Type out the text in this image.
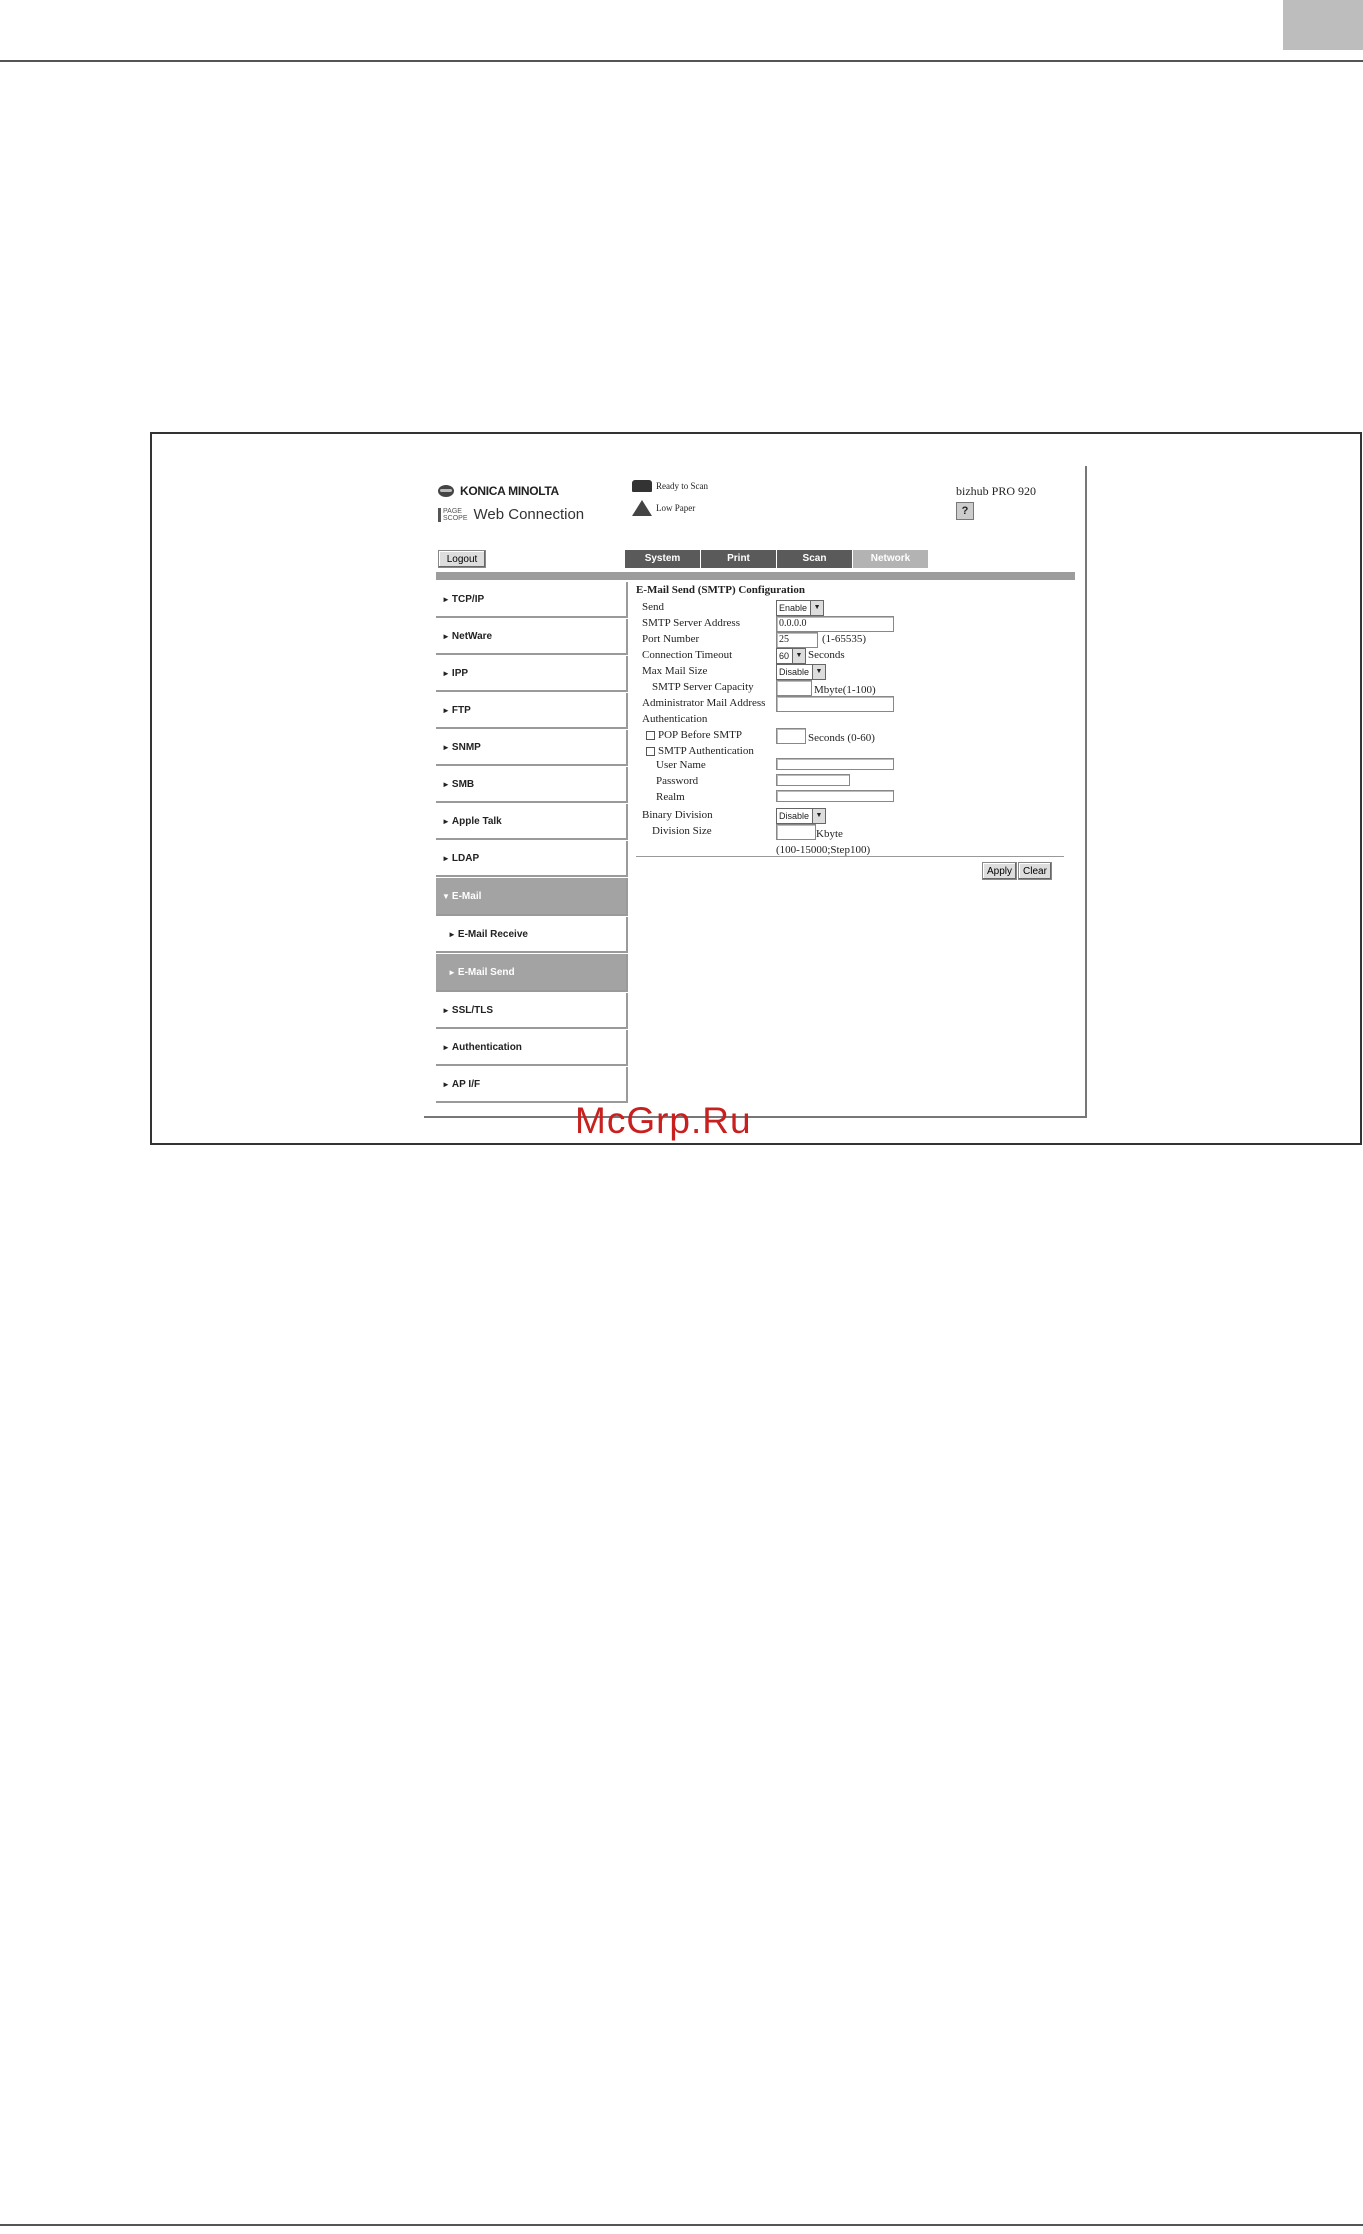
KONICA MINOLTA
PAGE
SCOPE Web Connection
Ready to Scan
Low Paper
bizhub PRO 920
?
Logout	System	Print	Scan	Network
► TCP/IP
► NetWare
► IPP
► FTP
► SNMP
► SMB
► Apple Talk
► LDAP
▼ E-Mail
► E-Mail Receive
► E-Mail Send
► SSL/TLS
► Authentication
► AP I/F
E-Mail Send (SMTP) Configuration
Send	Enable ▼
SMTP Server Address	0.0.0.0
Port Number	25	(1-65535)
Connection Timeout	60 ▼ Seconds
Max Mail Size	Disable ▼
SMTP Server Capacity	Mbyte(1-100)
Administrator Mail Address
Authentication
POP Before SMTP	Seconds (0-60)
SMTP Authentication
User Name
Password
Realm
Binary Division	Disable ▼
Division Size	Kbyte
(100-15000;Step100)
Apply	Clear
McGrp.Ru
